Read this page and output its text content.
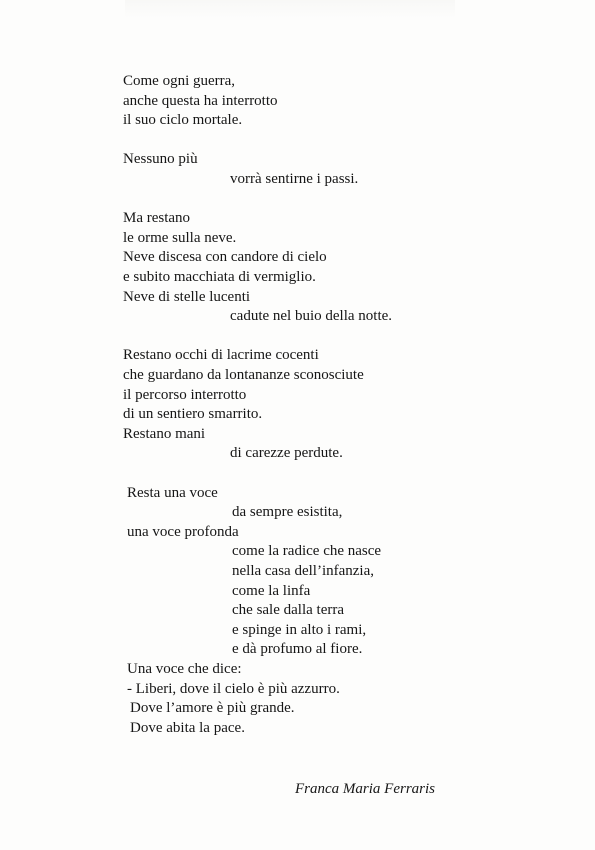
Come ogni guerra,
anche questa ha interrotto
il suo ciclo mortale.
Nessuno più
vorrà sentirne i passi.
Ma restano
le orme sulla neve.
Neve discesa con candore di cielo
e subito macchiata di vermiglio.
Neve di stelle lucenti
cadute nel buio della notte.
Restano occhi di lacrime cocenti
che guardano da lontananze sconosciute
il percorso interrotto
di un sentiero smarrito.
Restano mani
di carezze perdute.
Resta una voce
da sempre esistita,
una voce profonda
come la radice che nasce
nella casa dell’infanzia,
come la linfa
che sale dalla terra
e spinge in alto i rami,
e dà profumo al fiore.
Una voce che dice:
- Liberi, dove il cielo è più azzurro.
Dove l’amore è più grande.
Dove abita la pace.
Franca Maria Ferraris
